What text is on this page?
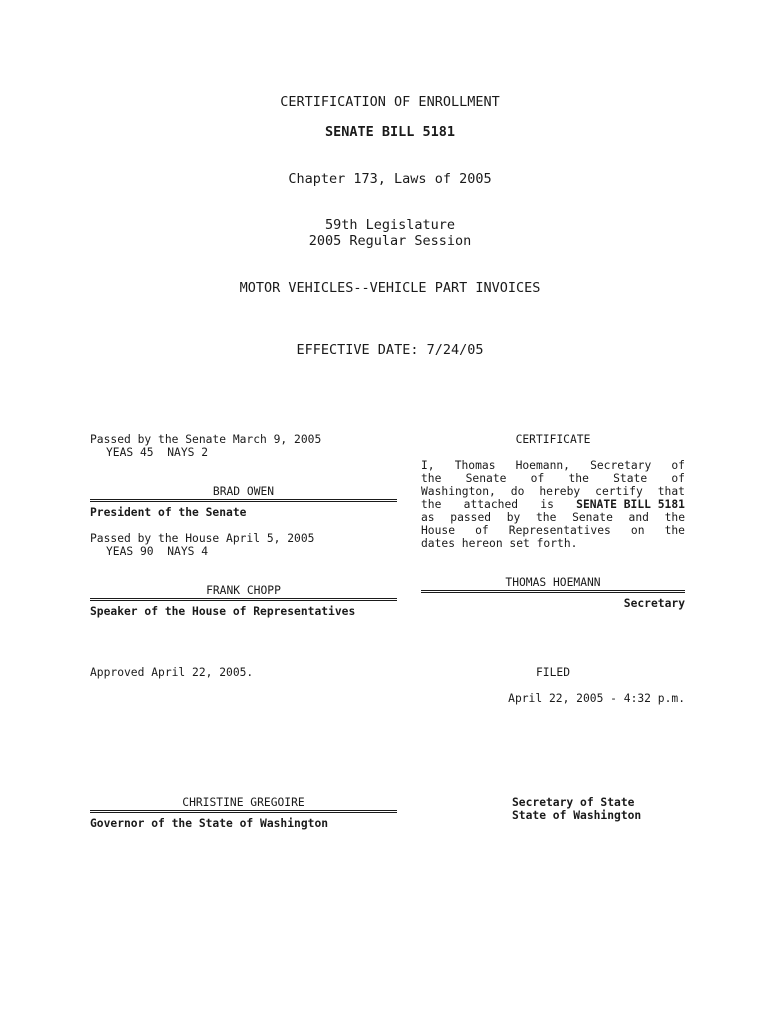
CERTIFICATION OF ENROLLMENT
SENATE BILL 5181
Chapter 173, Laws of 2005
59th Legislature
2005 Regular Session
MOTOR VEHICLES--VEHICLE PART INVOICES
EFFECTIVE DATE: 7/24/05
Passed by the Senate March 9, 2005
YEAS 45  NAYS 2
BRAD OWEN
President of the Senate
Passed by the House April 5, 2005
YEAS 90  NAYS 4
FRANK CHOPP
Speaker of the House of Representatives
Approved April 22, 2005.
CHRISTINE GREGOIRE
Governor of the State of Washington
CERTIFICATE
I, Thomas Hoemann, Secretary of
the Senate of the State of
Washington, do hereby certify that
the attached is SENATE BILL 5181
as passed by the Senate and the
House of Representatives on the
dates hereon set forth.
THOMAS HOEMANN
Secretary
FILED
April 22, 2005 - 4:32 p.m.
Secretary of State
State of Washington
